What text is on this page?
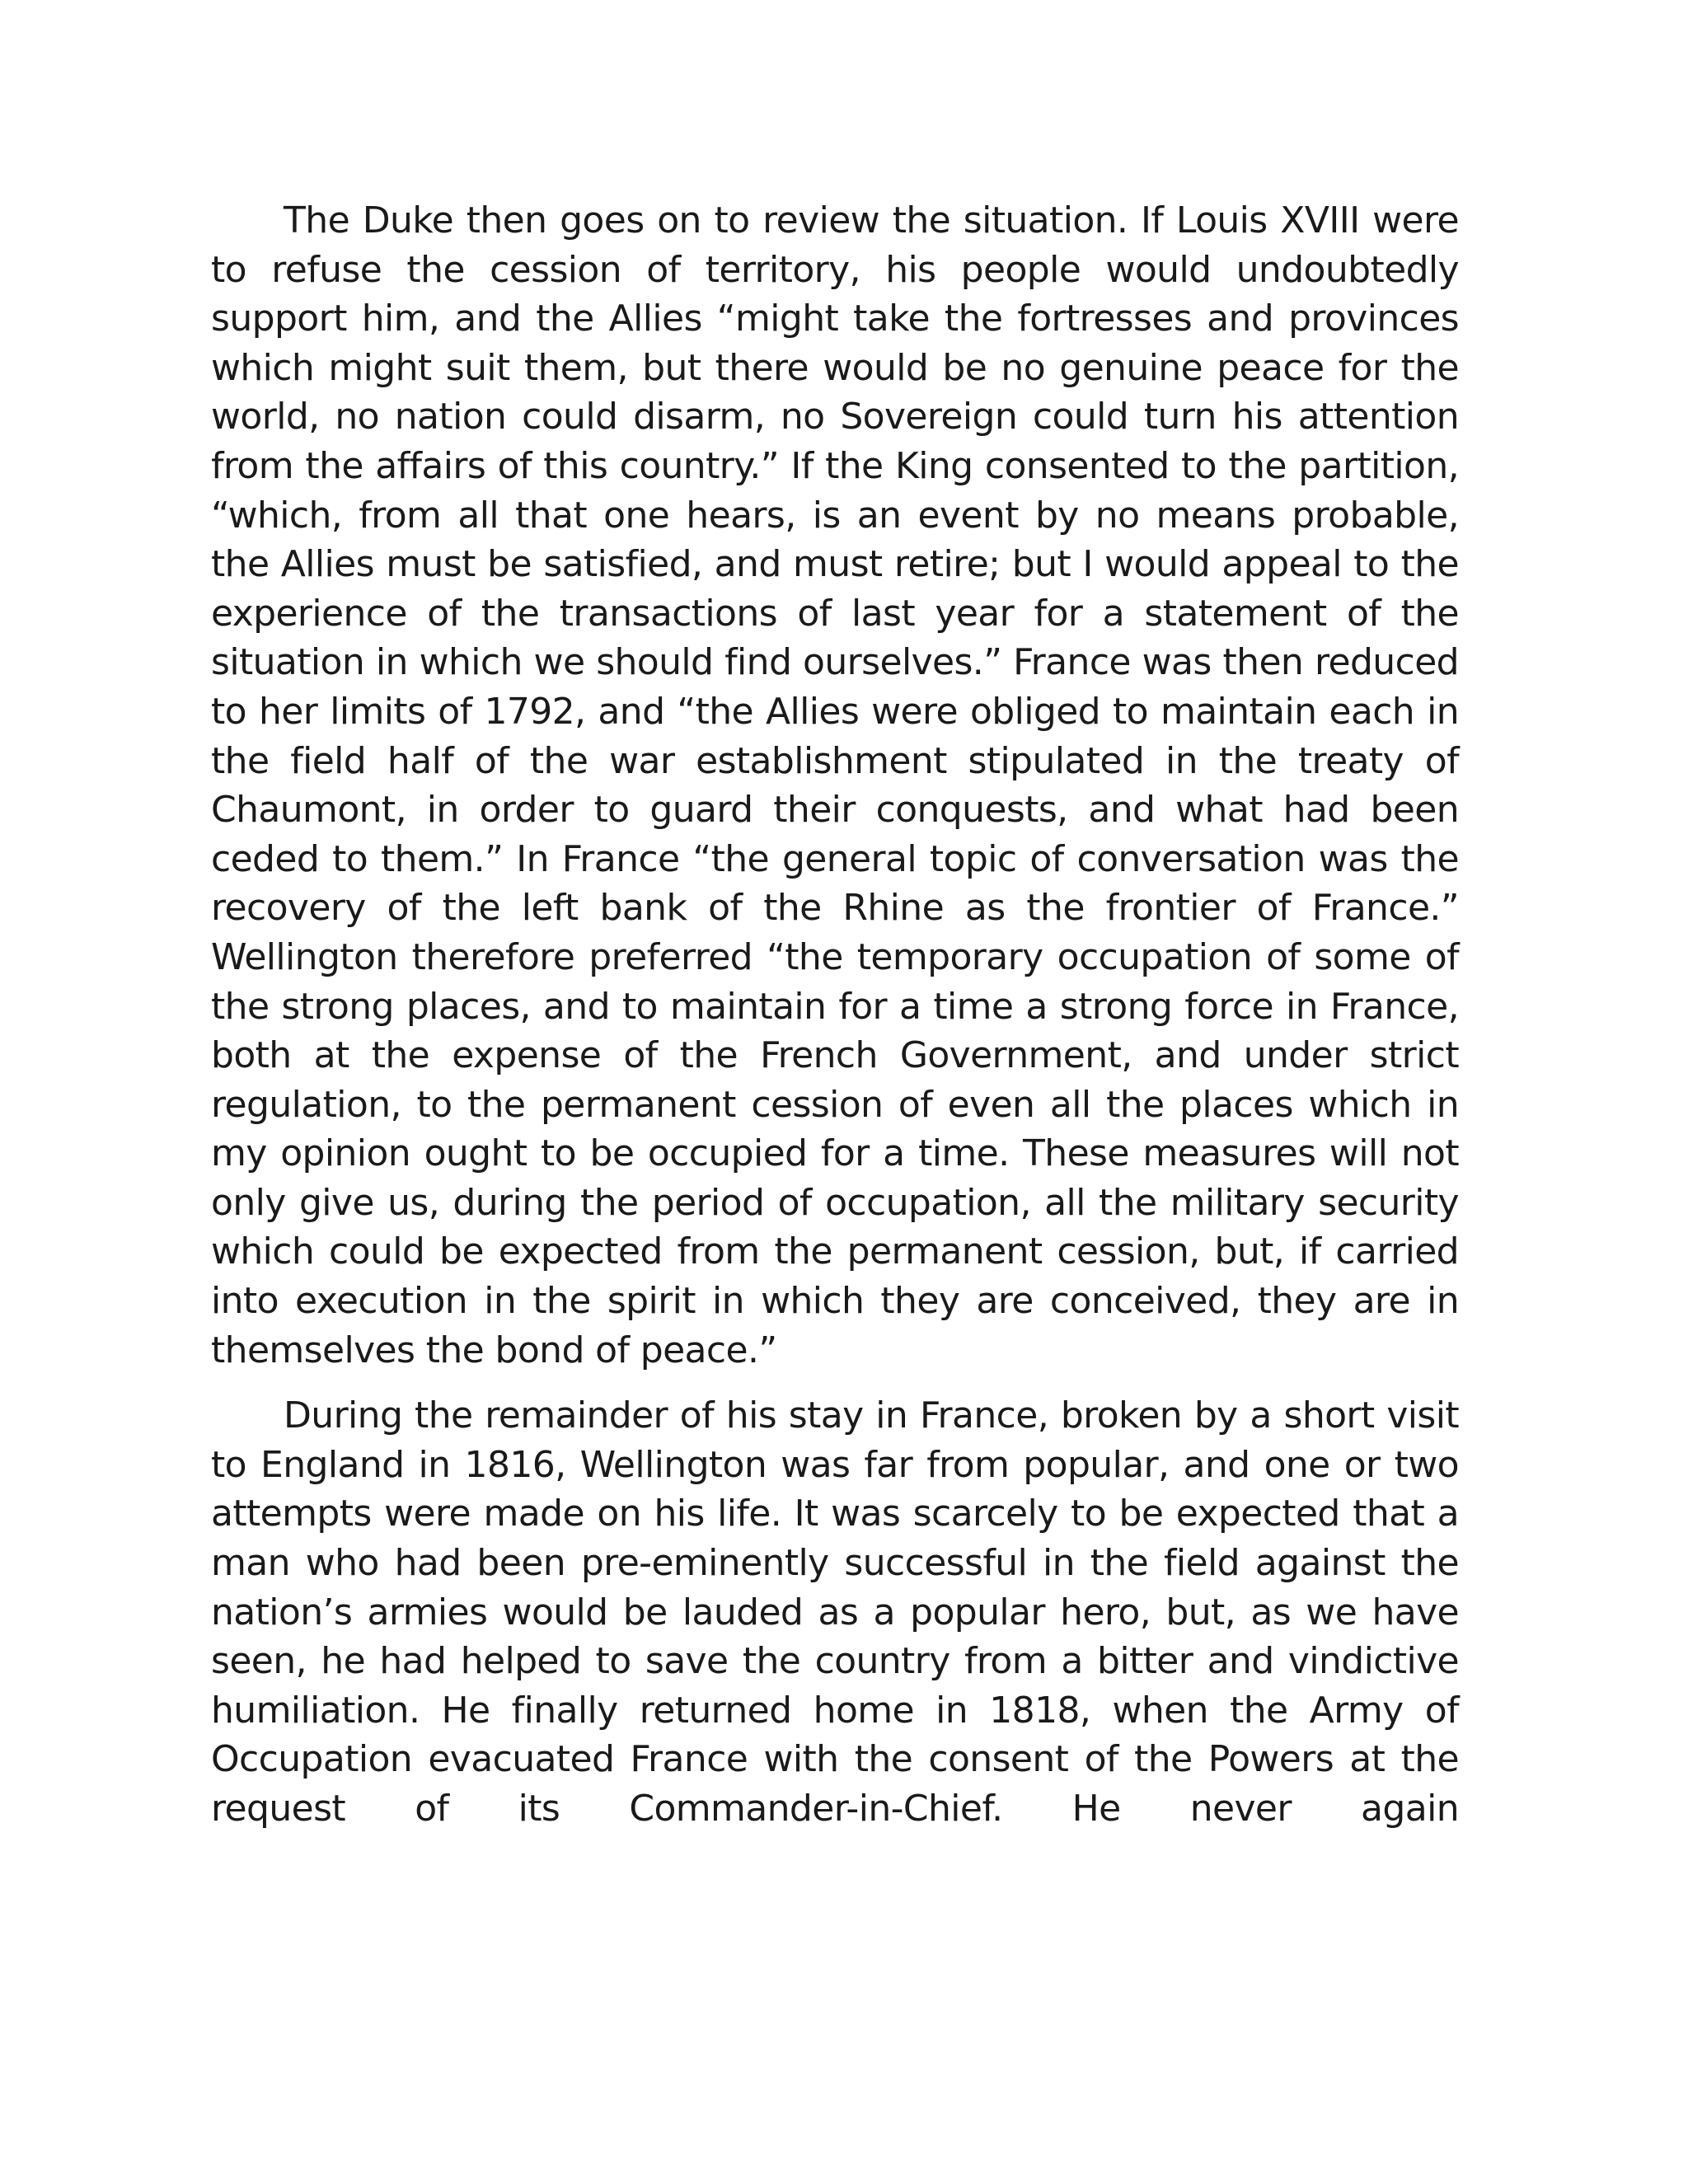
The Duke then goes on to review the situation. If Louis XVIII were to refuse the cession of territory, his people would undoubtedly support him, and the Allies “might take the fortresses and provinces which might suit them, but there would be no genuine peace for the world, no nation could disarm, no Sovereign could turn his attention from the affairs of this country.” If the King consented to the partition, “which, from all that one hears, is an event by no means probable, the Allies must be satisfied, and must retire; but I would appeal to the experience of the transactions of last year for a statement of the situation in which we should find ourselves.” France was then reduced to her limits of 1792, and “the Allies were obliged to maintain each in the field half of the war establishment stipulated in the treaty of Chaumont, in order to guard their conquests, and what had been ceded to them.” In France “the general topic of conversation was the recovery of the left bank of the Rhine as the frontier of France.” Wellington therefore preferred “the temporary occupation of some of the strong places, and to maintain for a time a strong force in France, both at the expense of the French Government, and under strict regulation, to the permanent cession of even all the places which in my opinion ought to be occupied for a time. These measures will not only give us, during the period of occupation, all the military security which could be expected from the permanent cession, but, if carried into execution in the spirit in which they are conceived, they are in themselves the bond of peace.”

During the remainder of his stay in France, broken by a short visit to England in 1816, Wellington was far from popular, and one or two attempts were made on his life. It was scarcely to be expected that a man who had been pre-eminently successful in the field against the nation’s armies would be lauded as a popular hero, but, as we have seen, he had helped to save the country from a bitter and vindictive humiliation. He finally returned home in 1818, when the Army of Occupation evacuated France with the consent of the Powers at the request of its Commander-in-Chief. He never again
